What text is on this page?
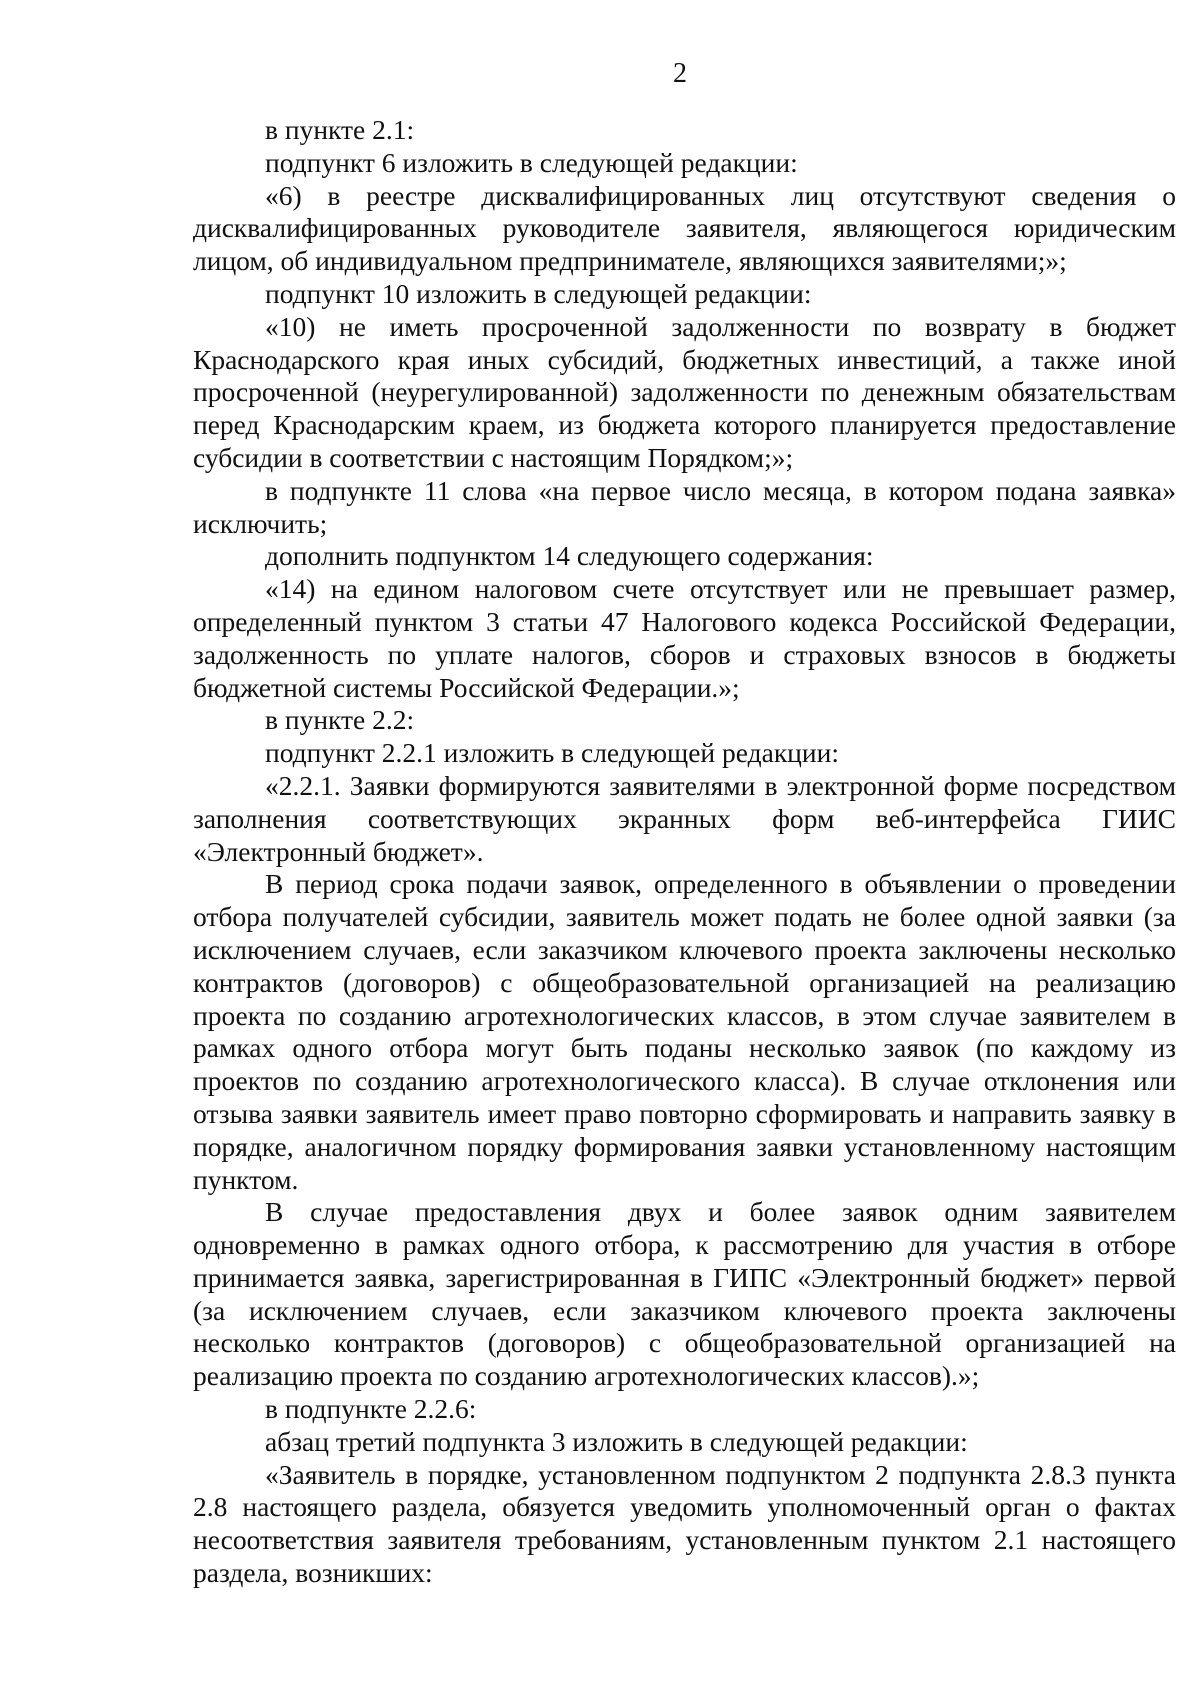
2

в пункте 2.1:

подпункт 6 изложить в следующей редакции:

«6) в реестре дисквалифицированных лиц отсутствуют сведения о дисквалифицированных руководителе заявителя, являющегося юридическим лицом, об индивидуальном предпринимателе, являющихся заявителями;»;

подпункт 10 изложить в следующей редакции:

«10) не иметь просроченной задолженности по возврату в бюджет Краснодарского края иных субсидий, бюджетных инвестиций, а также иной просроченной (неурегулированной) задолженности по денежным обязательствам перед Краснодарским краем, из бюджета которого планируется предоставление субсидии в соответствии с настоящим Порядком;»;

в подпункте 11 слова «на первое число месяца, в котором подана заявка» исключить;

дополнить подпунктом 14 следующего содержания:

«14) на едином налоговом счете отсутствует или не превышает размер, определенный пунктом 3 статьи 47 Налогового кодекса Российской Федерации, задолженность по уплате налогов, сборов и страховых взносов в бюджеты бюджетной системы Российской Федерации.»;

в пункте 2.2:

подпункт 2.2.1 изложить в следующей редакции:

«2.2.1. Заявки формируются заявителями в электронной форме посредством заполнения соответствующих экранных форм веб-интерфейса ГИИС «Электронный бюджет».

В период срока подачи заявок, определенного в объявлении о проведении отбора получателей субсидии, заявитель может подать не более одной заявки (за исключением случаев, если заказчиком ключевого проекта заключены несколько контрактов (договоров) с общеобразовательной организацией на реализацию проекта по созданию агротехнологических классов, в этом случае заявителем в рамках одного отбора могут быть поданы несколько заявок (по каждому из проектов по созданию агротехнологического класса). В случае отклонения или отзыва заявки заявитель имеет право повторно сформировать и направить заявку в порядке, аналогичном порядку формирования заявки установленному настоящим пунктом.

В случае предоставления двух и более заявок одним заявителем одновременно в рамках одного отбора, к рассмотрению для участия в отборе принимается заявка, зарегистрированная в ГИПС «Электронный бюджет» первой (за исключением случаев, если заказчиком ключевого проекта заключены несколько контрактов (договоров) с общеобразовательной организацией на реализацию проекта по созданию агротехнологических классов).»;

в подпункте 2.2.6:

абзац третий подпункта 3 изложить в следующей редакции:

«Заявитель в порядке, установленном подпунктом 2 подпункта 2.8.3 пункта 2.8 настоящего раздела, обязуется уведомить уполномоченный орган о фактах несоответствия заявителя требованиям, установленным пунктом 2.1 настоящего раздела, возникших:
